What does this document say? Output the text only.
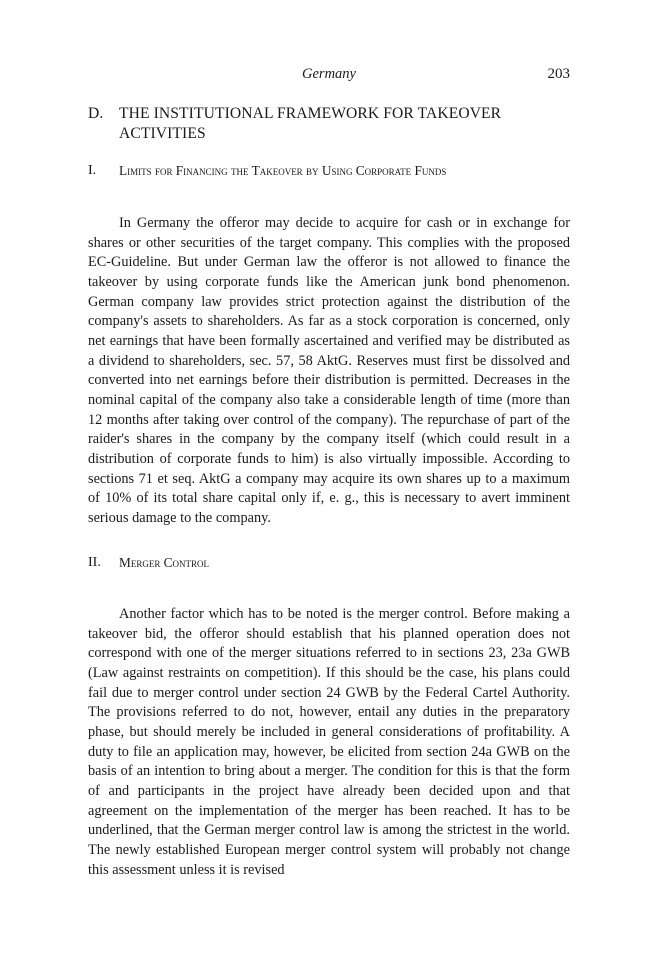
Germany	203
D. THE INSTITUTIONAL FRAMEWORK FOR TAKEOVER ACTIVITIES
I. Limits for Financing the Takeover by Using Corporate Funds

In Germany the offeror may decide to acquire for cash or in exchange for shares or other securities of the target company. This complies with the proposed EC-Guideline. But under German law the offeror is not allowed to finance the takeover by using corporate funds like the American junk bond phenomenon. German company law provides strict protection against the distribution of the company's assets to shareholders. As far as a stock corporation is concerned, only net earnings that have been formally ascertained and verified may be distributed as a dividend to shareholders, sec. 57, 58 AktG. Reserves must first be dissolved and converted into net earnings before their distribution is permitted. Decreases in the nominal capital of the company also take a considerable length of time (more than 12 months after taking over control of the company). The repurchase of part of the raider's shares in the company by the company itself (which could result in a distribution of corporate funds to him) is also virtually impossible. According to sections 71 et seq. AktG a company may acquire its own shares up to a maximum of 10% of its total share capital only if, e. g., this is necessary to avert imminent serious damage to the company.

II. Merger Control

Another factor which has to be noted is the merger control. Before making a takeover bid, the offeror should establish that his planned operation does not correspond with one of the merger situations referred to in sections 23, 23a GWB (Law against restraints on competition). If this should be the case, his plans could fail due to merger control under section 24 GWB by the Federal Cartel Authority. The provisions referred to do not, however, entail any duties in the preparatory phase, but should merely be included in general considerations of profitability. A duty to file an application may, however, be elicited from section 24a GWB on the basis of an intention to bring about a merger. The condition for this is that the form of and participants in the project have already been decided upon and that agreement on the implementation of the merger has been reached. It has to be underlined, that the German merger control law is among the strictest in the world. The newly established European merger control system will probably not change this assessment unless it is revised
